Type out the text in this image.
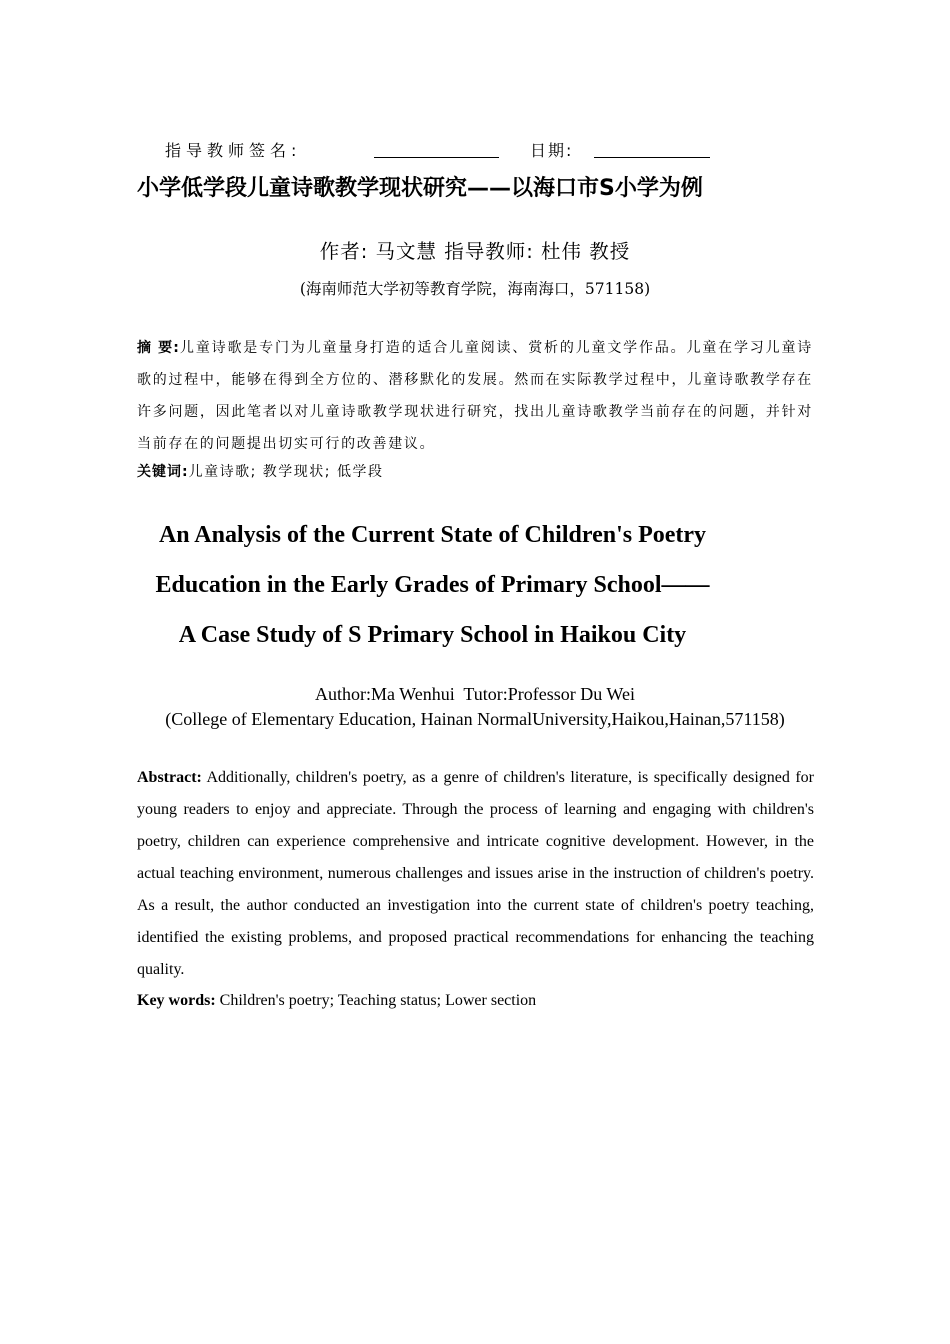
指导教师签名:	日期:
小学低学段儿童诗歌教学现状研究——以海口市S小学为例
作者: 马文慧 指导教师: 杜伟 教授
(海南师范大学初等教育学院，海南海口，571158)

摘 要:儿童诗歌是专门为儿童量身打造的适合儿童阅读、赏析的儿童文学作品。儿童在学习儿童诗歌的过程中，能够在得到全方位的、潜移默化的发展。然而在实际教学过程中，儿童诗歌教学存在许多问题，因此笔者以对儿童诗歌教学现状进行研究，找出儿童诗歌教学当前存在的问题，并针对当前存在的问题提出切实可行的改善建议。

关键词:儿童诗歌; 教学现状; 低学段

An Analysis of the Current State of Children's Poetry
Education in the Early Grades of Primary School——
A Case Study of S Primary School in Haikou City
Author:Ma Wenhui  Tutor:Professor Du Wei
(College of Elementary Education, Hainan NormalUniversity,Haikou,Hainan,571158)

Abstract: Additionally, children's poetry, as a genre of children's literature, is specifically designed for young readers to enjoy and appreciate. Through the process of learning and engaging with children's poetry, children can experience comprehensive and intricate cognitive development. However, in the actual teaching environment, numerous challenges and issues arise in the instruction of children's poetry. As a result, the author conducted an investigation into the current state of children's poetry teaching, identified the existing problems, and proposed practical recommendations for enhancing the teaching quality.

Key words: Children's poetry; Teaching status; Lower section
